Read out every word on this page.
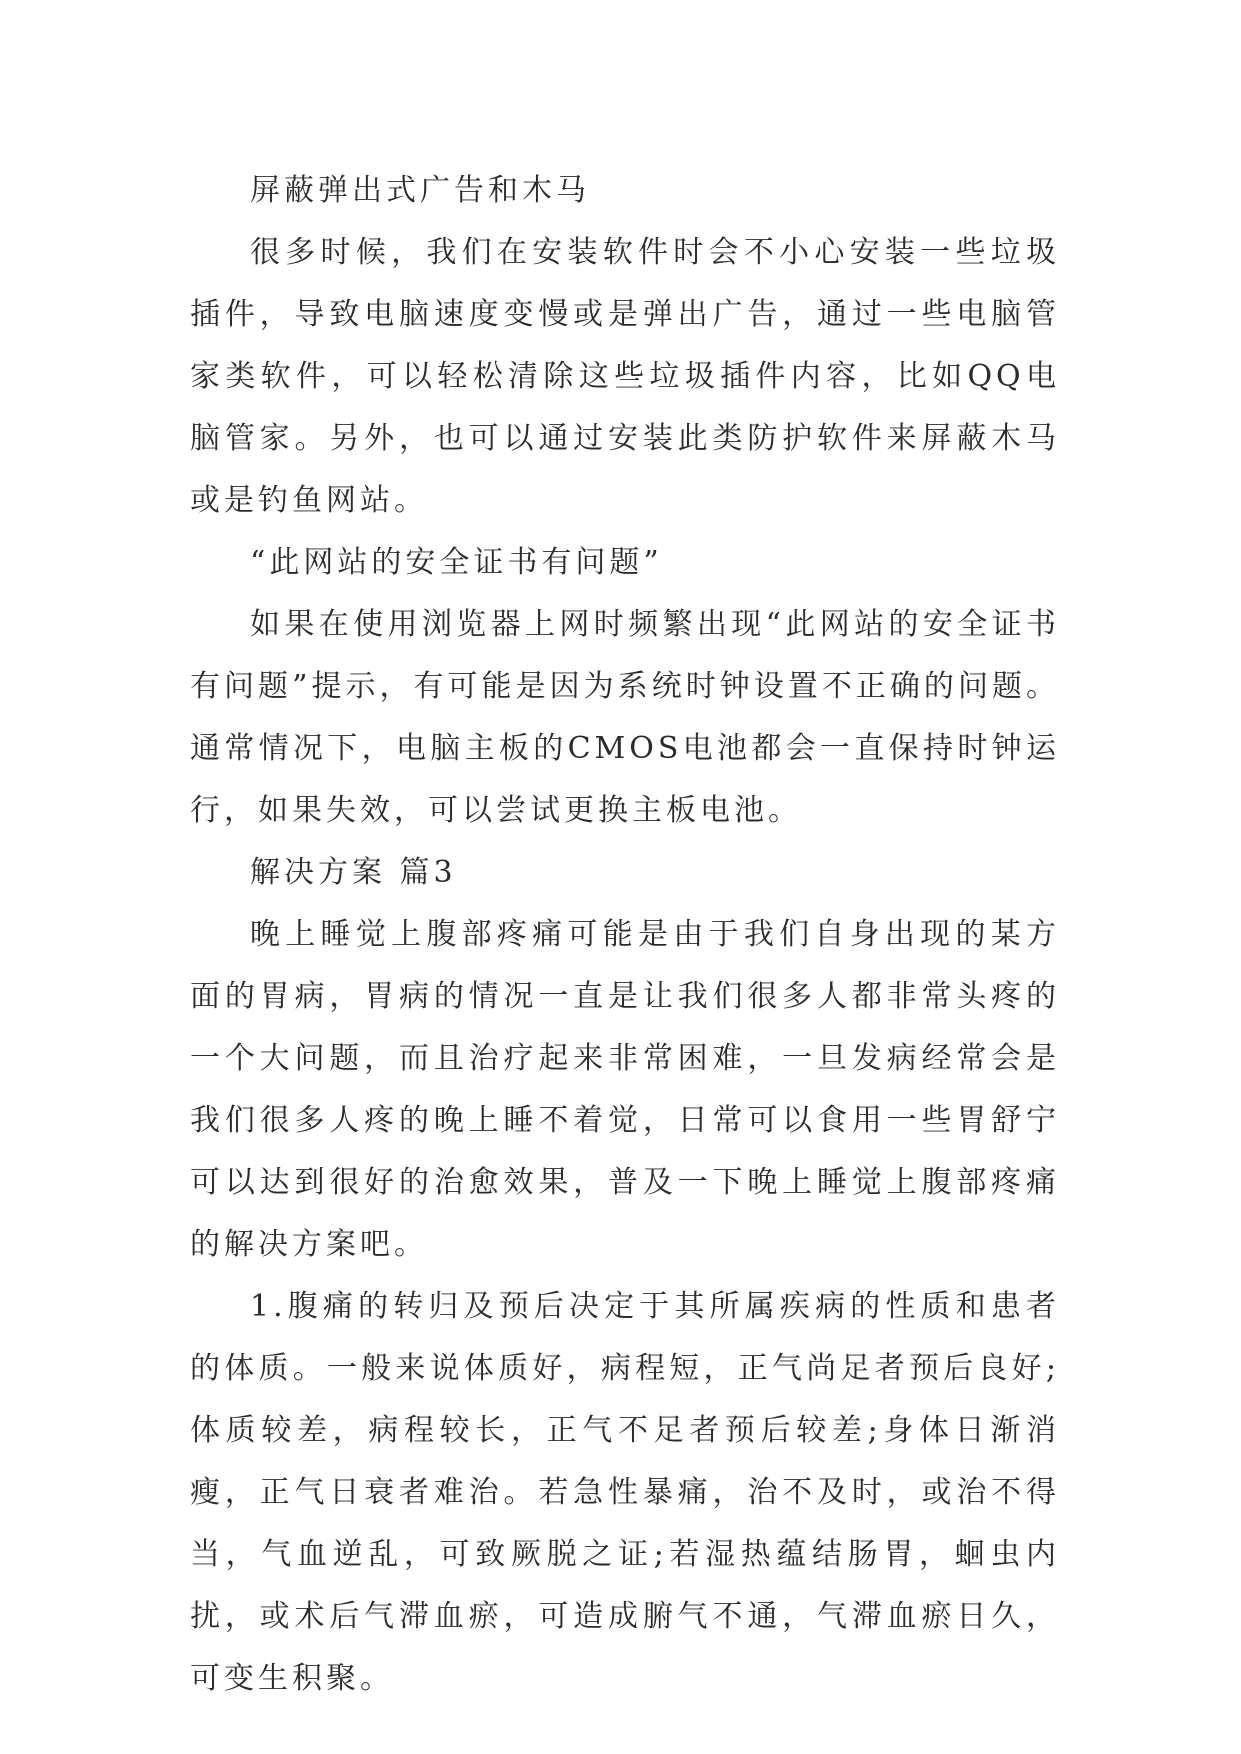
屏蔽弹出式广告和木马

很多时候，我们在安装软件时会不小心安装一些垃圾插件，导致电脑速度变慢或是弹出广告，通过一些电脑管家类软件，可以轻松清除这些垃圾插件内容，比如QQ电脑管家。另外，也可以通过安装此类防护软件来屏蔽木马或是钓鱼网站。

“此网站的安全证书有问题”

如果在使用浏览器上网时频繁出现“此网站的安全证书有问题”提示，有可能是因为系统时钟设置不正确的问题。通常情况下，电脑主板的CMOS电池都会一直保持时钟运行，如果失效，可以尝试更换主板电池。

解决方案 篇3

晚上睡觉上腹部疼痛可能是由于我们自身出现的某方面的胃病，胃病的情况一直是让我们很多人都非常头疼的一个大问题，而且治疗起来非常困难，一旦发病经常会是我们很多人疼的晚上睡不着觉，日常可以食用一些胃舒宁可以达到很好的治愈效果，普及一下晚上睡觉上腹部疼痛的解决方案吧。

1.腹痛的转归及预后决定于其所属疾病的性质和患者的体质。一般来说体质好，病程短，正气尚足者预后良好;体质较差，病程较长，正气不足者预后较差;身体日渐消瘦，正气日衰者难治。若急性暴痛，治不及时，或治不得当，气血逆乱，可致厥脱之证;若湿热蕴结肠胃，蛔虫内扰，或术后气滞血瘀，可造成腑气不通，气滞血瘀日久，可变生积聚。
